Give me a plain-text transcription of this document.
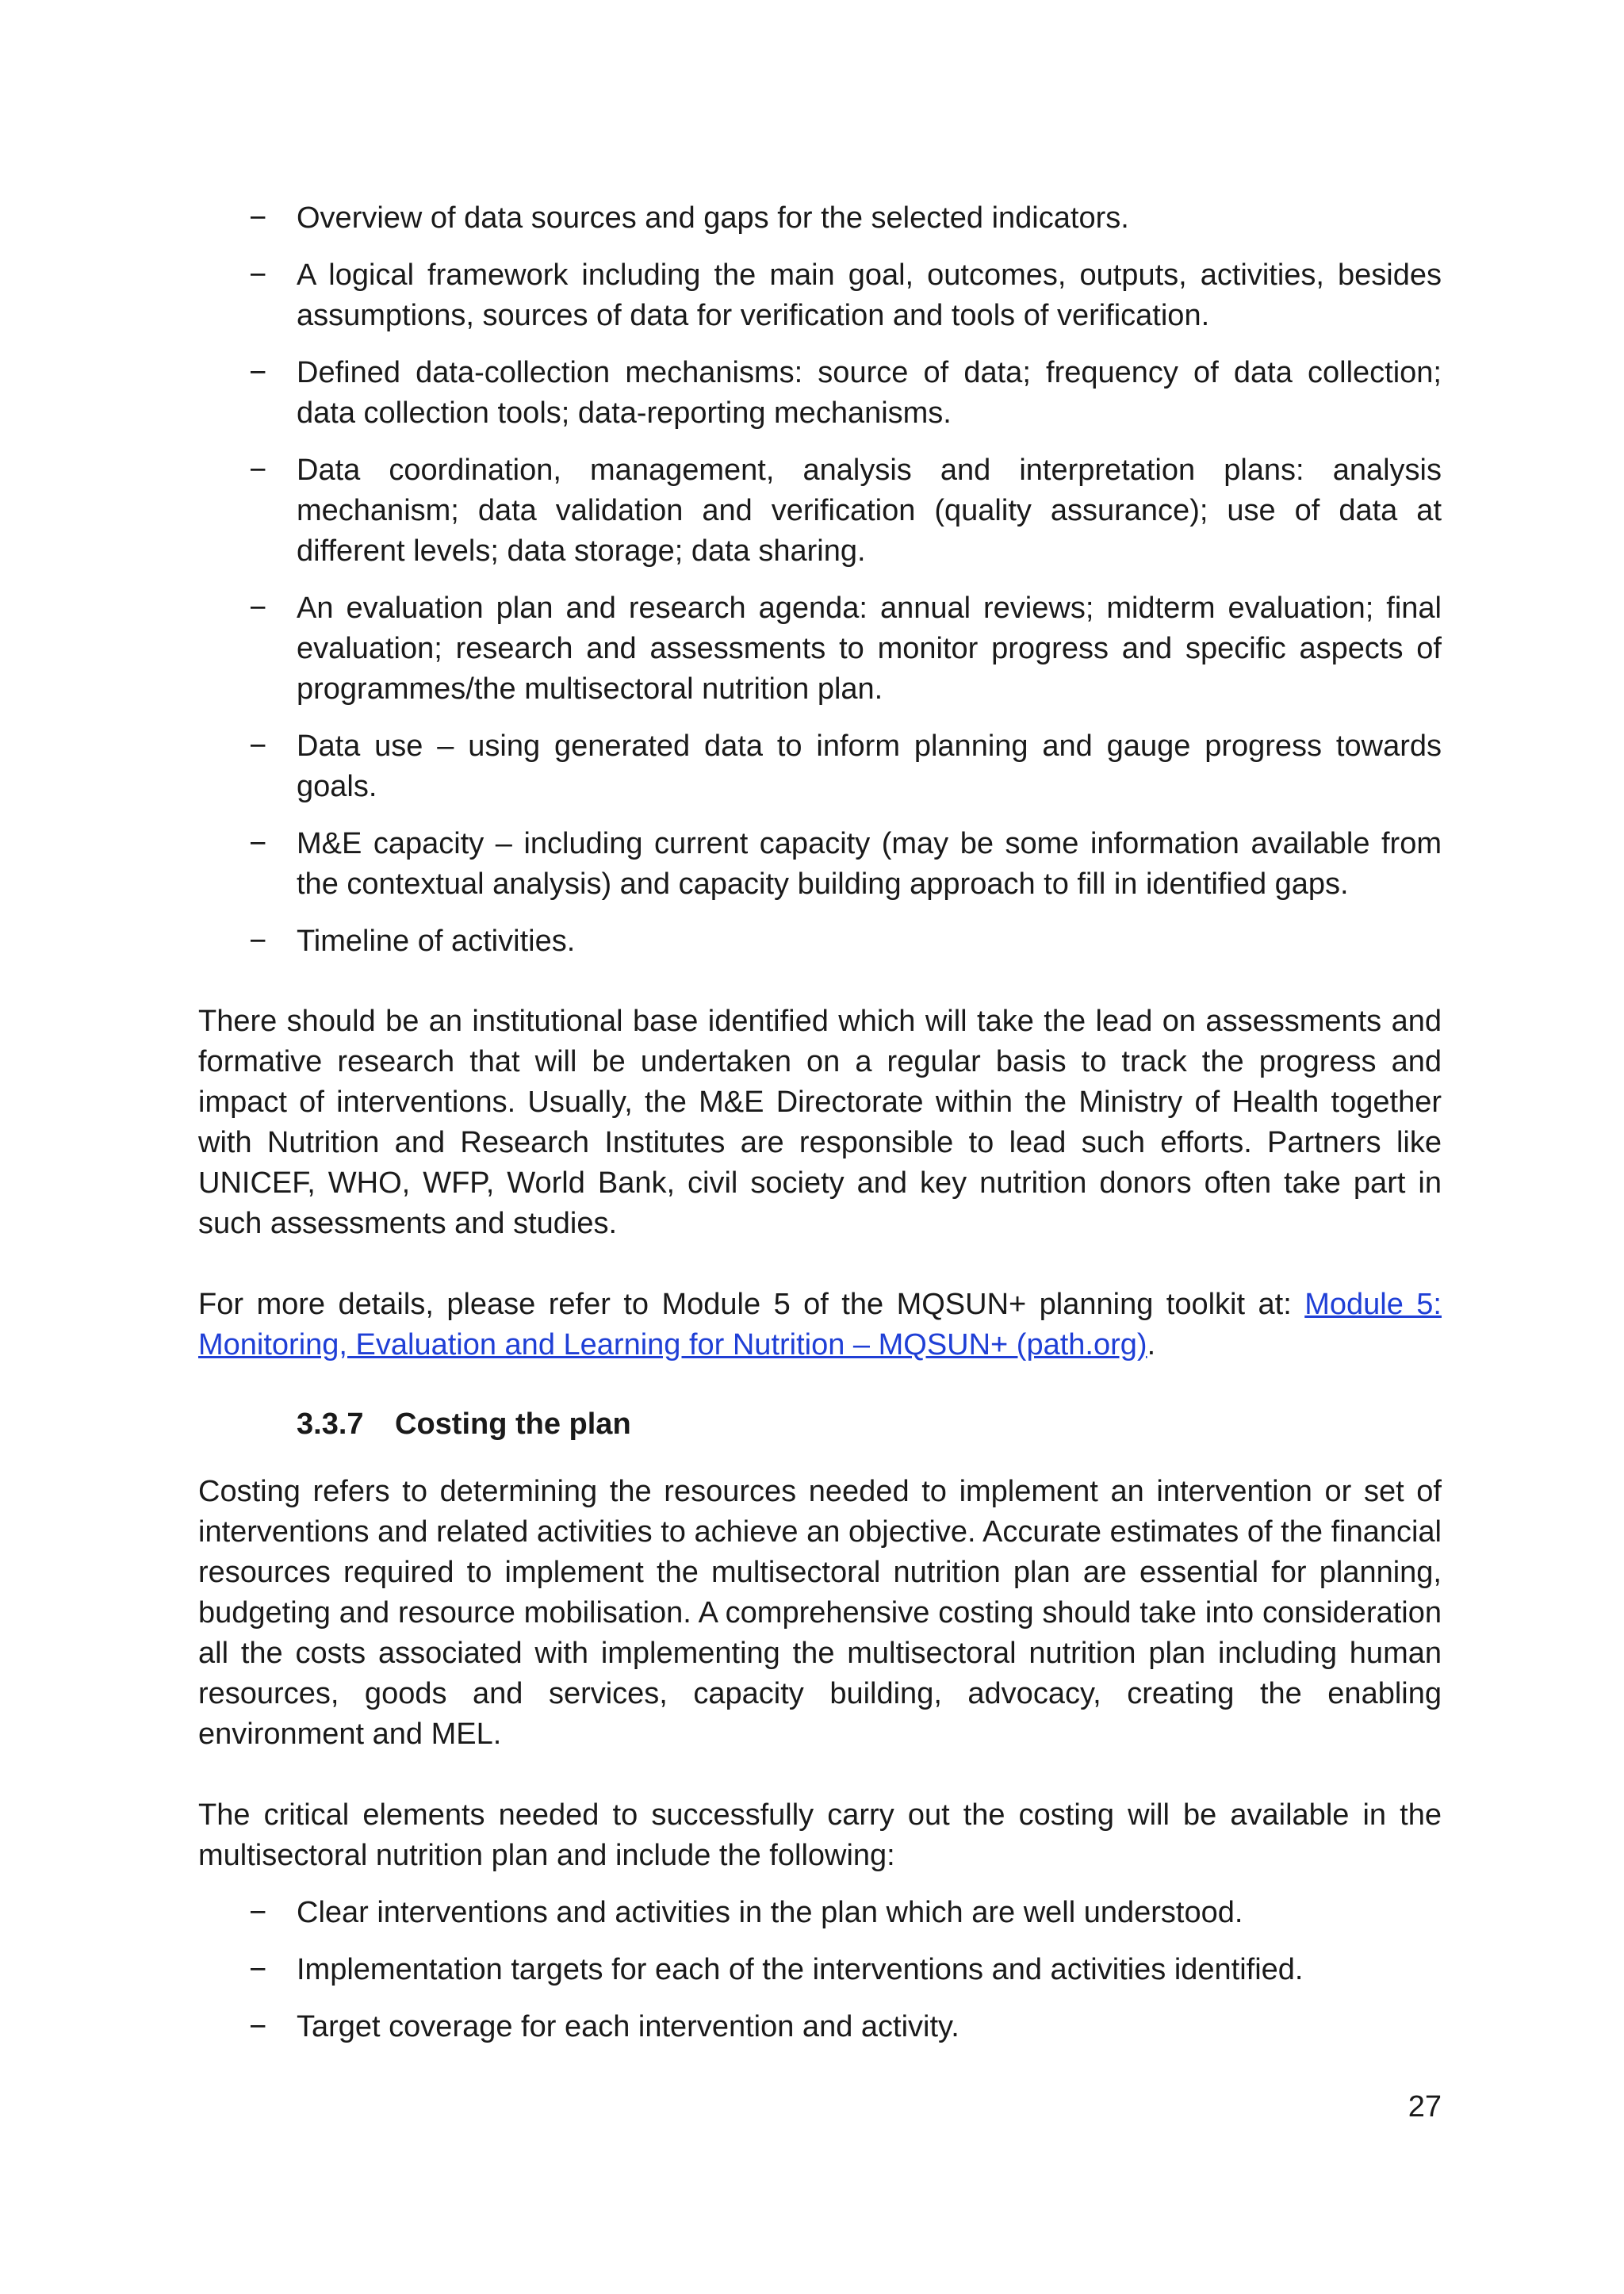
− Overview of data sources and gaps for the selected indicators.
− A logical framework including the main goal, outcomes, outputs, activities, besides assumptions, sources of data for verification and tools of verification.
− Defined data-collection mechanisms: source of data; frequency of data collection; data collection tools; data-reporting mechanisms.
− Data coordination, management, analysis and interpretation plans: analysis mechanism; data validation and verification (quality assurance); use of data at different levels; data storage; data sharing.
− An evaluation plan and research agenda: annual reviews; midterm evaluation; final evaluation; research and assessments to monitor progress and specific aspects of programmes/the multisectoral nutrition plan.
− Data use – using generated data to inform planning and gauge progress towards goals.
− M&E capacity – including current capacity (may be some information available from the contextual analysis) and capacity building approach to fill in identified gaps.
− Timeline of activities.

There should be an institutional base identified which will take the lead on assessments and formative research that will be undertaken on a regular basis to track the progress and impact of interventions. Usually, the M&E Directorate within the Ministry of Health together with Nutrition and Research Institutes are responsible to lead such efforts. Partners like UNICEF, WHO, WFP, World Bank, civil society and key nutrition donors often take part in such assessments and studies.

For more details, please refer to Module 5 of the MQSUN+ planning toolkit at: Module 5: Monitoring, Evaluation and Learning for Nutrition – MQSUN+ (path.org).

3.3.7 Costing the plan

Costing refers to determining the resources needed to implement an intervention or set of interventions and related activities to achieve an objective. Accurate estimates of the financial resources required to implement the multisectoral nutrition plan are essential for planning, budgeting and resource mobilisation. A comprehensive costing should take into consideration all the costs associated with implementing the multisectoral nutrition plan including human resources, goods and services, capacity building, advocacy, creating the enabling environment and MEL.

The critical elements needed to successfully carry out the costing will be available in the multisectoral nutrition plan and include the following:

− Clear interventions and activities in the plan which are well understood.
− Implementation targets for each of the interventions and activities identified.
− Target coverage for each intervention and activity.
27
